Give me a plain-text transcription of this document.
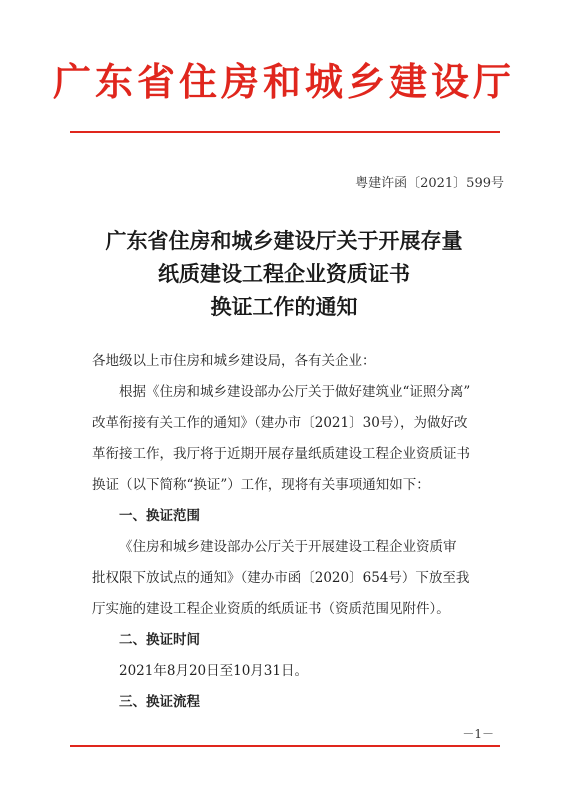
广东省住房和城乡建设厅
粤建许函〔2021〕599号
广东省住房和城乡建设厅关于开展存量
纸质建设工程企业资质证书
换证工作的通知

各地级以上市住房和城乡建设局，各有关企业：

根据《住房和城乡建设部办公厅关于做好建筑业“证照分离”

改革衔接有关工作的通知》（建办市〔2021〕30号），为做好改

革衔接工作，我厅将于近期开展存量纸质建设工程企业资质证书

换证（以下简称“换证”）工作，现将有关事项通知如下：

一、换证范围

《住房和城乡建设部办公厅关于开展建设工程企业资质审

批权限下放试点的通知》（建办市函〔2020〕654号）下放至我

厅实施的建设工程企业资质的纸质证书（资质范围见附件）。

二、换证时间

2021年8月20日至10月31日。

三、换证流程

－1－
